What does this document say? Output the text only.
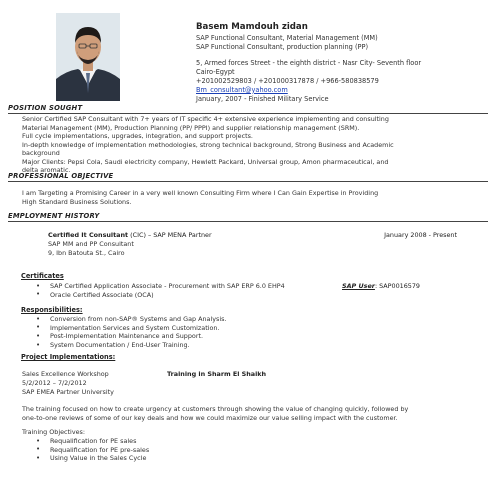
Basem Mamdouh zidan
SAP Functional Consultant, Material Management (MM)
SAP Functional Consultant, production planning (PP)
5, Armed forces Street - the eighth district - Nasr City- Seventh floor
Cairo-Egypt
+201002529803 / +201000317878 / +966-580838579
Bm_consultant@yahoo.com
January, 2007 - Finished Military Service
POSITION SOUGHT

Senior Certified SAP Consultant with 7+ years of IT specific 4+ extensive experience implementing and consulting

Material Management (MM), Production Planning (PP/ PPPI) and supplier relationship management (SRM).

Full cycle implementations, upgrades, integration, and support projects.

In-depth knowledge of implementation methodologies, strong technical background, Strong Business and Academic

background

Major Clients: Pepsi Cola, Saudi electricity company, Hewlett Packard, Universal group, Amon pharmaceutical, and

delta aromatic.

PROFESSIONAL OBJECTIVE

I am Targeting a Promising Career in a very well known Consulting Firm where I Can Gain Expertise in Providing

High Standard Business Solutions.

EMPLOYMENT HISTORY
Certified It Consultant (CIC) – SAP MENA Partner	January 2008 - Present
SAP MM and PP Consultant
9, Ibn Batouta St., Cairo
Certificates
• SAP Certified Application Associate - Procurement with SAP ERP 6.0 EHP4
• Oracle Certified Associate (OCA)
SAP User: SAP0016579
Responsibilities:
• Conversion from non-SAP® Systems and Gap Analysis.
• Implementation Services and System Customization.
• Post-Implementation Maintenance and Support.
• System Documentation / End-User Training.
Project Implementations:
Sales Excellence Workshop	Training in Sharm El Shaikh
5/2/2012 – 7/2/2012
SAP EMEA Partner University

The training focused on how to create urgency at customers through showing the value of changing quickly, followed by

one-to-one reviews of some of our key deals and how we could maximize our value selling impact with the customer.

Training Objectives:
• Requalification for PE sales
• Requalification for PE pre-sales
• Using Value in the Sales Cycle
